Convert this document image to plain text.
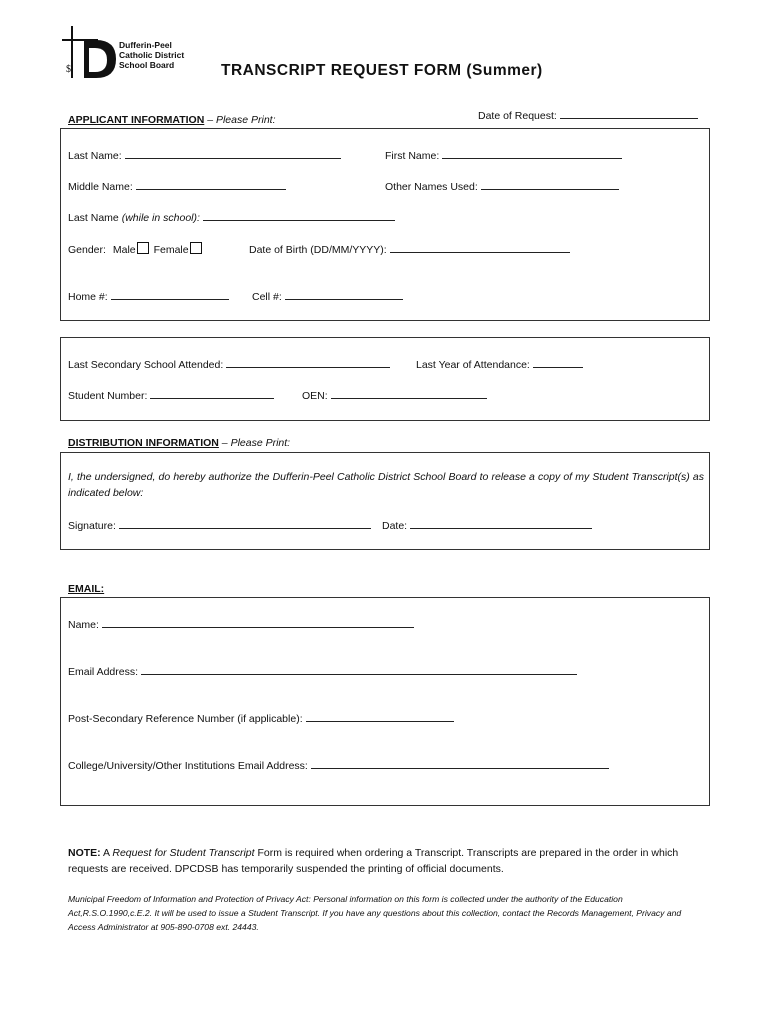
$
Dufferin-Peel
Catholic District
School Board	TRANSCRIPT REQUEST FORM (Summer)
Date of Request:
APPLICANT INFORMATION – Please Print:
Last Name:	First Name:
Middle Name:	Other Names Used:
Last Name (while in school):
Gender: Male Female	Date of Birth (DD/MM/YYYY):
Home #:	Cell #:
Last Secondary School Attended:	Last Year of Attendance:
Student Number:	OEN:
DISTRIBUTION INFORMATION – Please Print:
I, the undersigned, do hereby authorize the Dufferin-Peel Catholic District School Board to release a copy of my Student Transcript(s) as indicated below:
Signature:	Date:
EMAIL:
Name:
Email Address:
Post-Secondary Reference Number (if applicable):
College/University/Other Institutions Email Address:
NOTE: A Request for Student Transcript Form is required when ordering a Transcript. Transcripts are prepared in the order in which requests are received. DPCDSB has temporarily suspended the printing of official documents.
Municipal Freedom of Information and Protection of Privacy Act: Personal information on this form is collected under the authority of the Education Act,R.S.O.1990,c.E.2. It will be used to issue a Student Transcript. If you have any questions about this collection, contact the Records Management, Privacy and Access Administrator at 905-890-0708 ext. 24443.
